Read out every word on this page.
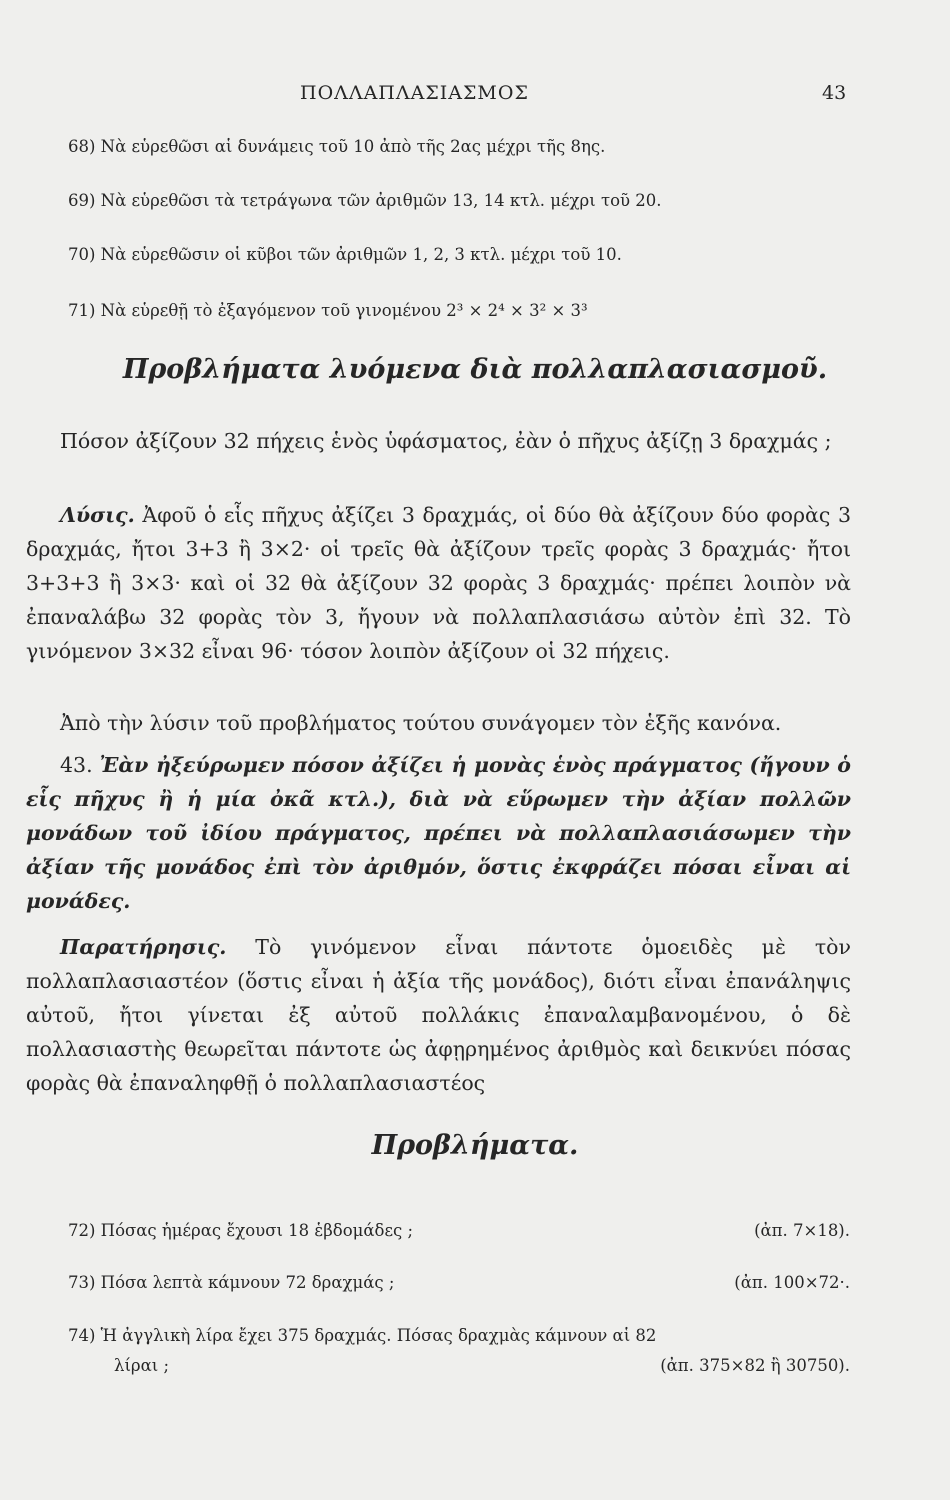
ΠΟΛΛΑΠΛΑΣΙΑΣΜΟΣ	43
68) Νὰ εὑρεθῶσι αἱ δυνάμεις τοῦ 10 ἀπὸ τῆς 2ας μέχρι τῆς 8ης.
69) Νὰ εὑρεθῶσι τὰ τετράγωνα τῶν ἀριθμῶν 13, 14 κτλ. μέχρι τοῦ 20.
70) Νὰ εὑρεθῶσιν οἱ κῦβοι τῶν ἀριθμῶν 1, 2, 3 κτλ. μέχρι τοῦ 10.
71) Νὰ εὑρεθῇ τὸ ἐξαγόμενον τοῦ γινομένου 2³ × 2⁴ × 3² × 3³
Προβλήματα λυόμενα διὰ πολλαπλασιασμοῦ.
Πόσον ἀξίζουν 32 πήχεις ἑνὸς ὑφάσματος, ἐὰν ὁ πῆχυς ἀξίζῃ 3 δραχμάς ;
Λύσις. Ἀφοῦ ὁ εἷς πῆχυς ἀξίζει 3 δραχμάς, οἱ δύο θὰ ἀξίζουν δύο φορὰς 3 δραχμάς, ἤτοι 3+3 ἢ 3×2· οἱ τρεῖς θὰ ἀξίζουν τρεῖς φορὰς 3 δραχμάς· ἤτοι 3+3+3 ἢ 3×3· καὶ οἱ 32 θὰ ἀξίζουν 32 φορὰς 3 δραχμάς· πρέπει λοιπὸν νὰ ἐπαναλάβω 32 φορὰς τὸν 3, ἤγουν νὰ πολλαπλασιάσω αὐτὸν ἐπὶ 32. Τὸ γινόμενον 3×32 εἶναι 96· τόσον λοιπὸν ἀξίζουν οἱ 32 πήχεις.
Ἀπὸ τὴν λύσιν τοῦ προβλήματος τούτου συνάγομεν τὸν ἑξῆς κανόνα.
43. Ἐὰν ἠξεύρωμεν πόσον ἀξίζει ἡ μονὰς ἑνὸς πράγματος (ἤγουν ὁ εἷς πῆχυς ἢ ἡ μία ὀκᾶ κτλ.), διὰ νὰ εὕρωμεν τὴν ἀξίαν πολλῶν μονάδων τοῦ ἰδίου πράγματος, πρέπει νὰ πολλαπλασιάσωμεν τὴν ἀξίαν τῆς μονάδος ἐπὶ τὸν ἀριθμόν, ὅστις ἐκφράζει πόσαι εἶναι αἱ μονάδες.
Παρατήρησις. Τὸ γινόμενον εἶναι πάντοτε ὁμοειδὲς μὲ τὸν πολλαπλασιαστέον (ὅστις εἶναι ἡ ἀξία τῆς μονάδος), διότι εἶναι ἐπανάληψις αὐτοῦ, ἤτοι γίνεται ἐξ αὐτοῦ πολλάκις ἐπαναλαμβανομένου, ὁ δὲ πολλασιαστὴς θεωρεῖται πάντοτε ὡς ἀφῃρημένος ἀριθμὸς καὶ δεικνύει πόσας φορὰς θὰ ἐπαναληφθῇ ὁ πολλαπλασιαστέος
Προβλήματα.
72) Πόσας ἡμέρας ἔχουσι 18 ἑβδομάδες ;	(ἀπ. 7×18).
73) Πόσα λεπτὰ κάμνουν 72 δραχμάς ;	(ἀπ. 100×72·.
74) Ἡ ἀγγλικὴ λίρα ἔχει 375 δραχμάς. Πόσας δραχμὰς κάμνουν αἱ 82
λίραι ;	(ἀπ. 375×82 ἢ 30750).
